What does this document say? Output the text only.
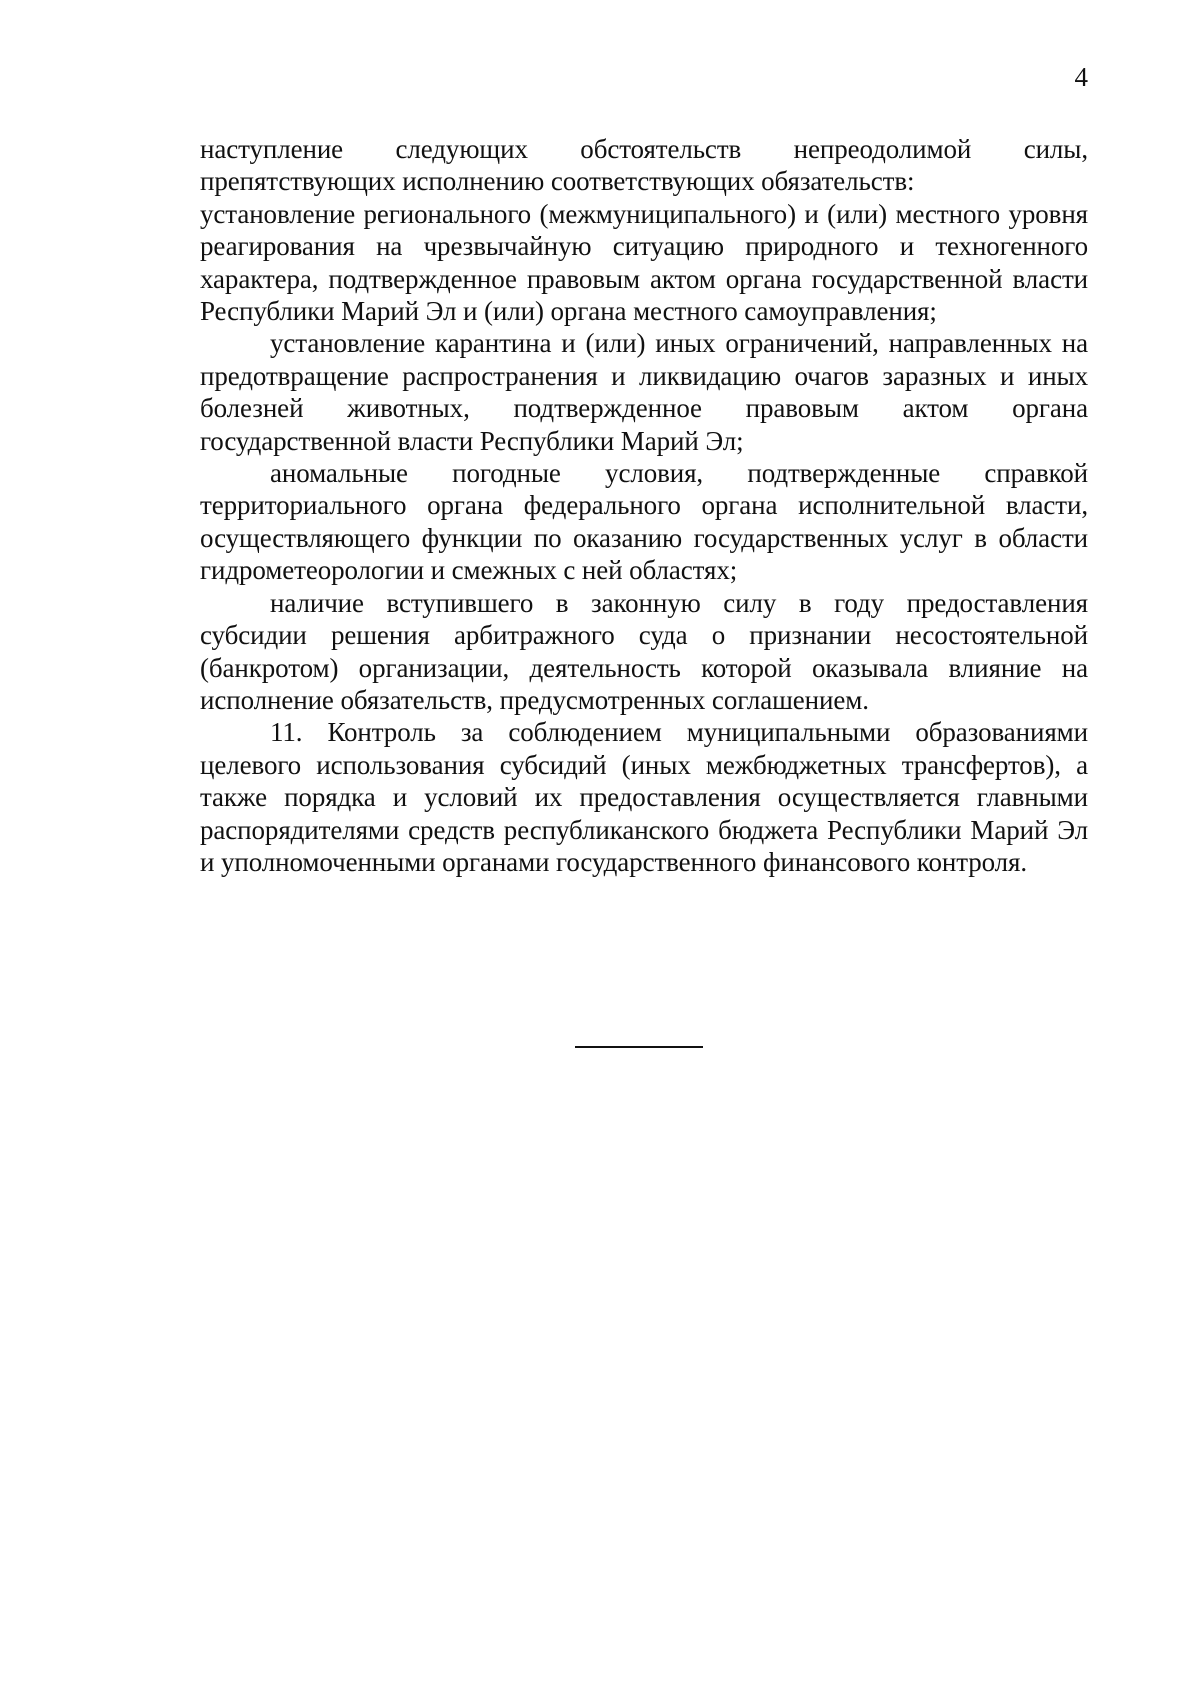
4

наступление следующих обстоятельств непреодолимой силы, препятствующих исполнению соответствующих обязательств:

установление регионального (межмуниципального) и (или) местного уровня реагирования на чрезвычайную ситуацию природного и техногенного характера, подтвержденное правовым актом органа государственной власти Республики Марий Эл и (или) органа местного самоуправления;

установление карантина и (или) иных ограничений, направленных на предотвращение распространения и ликвидацию очагов заразных и иных болезней животных, подтвержденное правовым актом органа государственной власти Республики Марий Эл;

аномальные погодные условия, подтвержденные справкой территориального органа федерального органа исполнительной власти, осуществляющего функции по оказанию государственных услуг в области гидрометеорологии и смежных с ней областях;

наличие вступившего в законную силу в году предоставления субсидии решения арбитражного суда о признании несостоятельной (банкротом) организации, деятельность которой оказывала влияние на исполнение обязательств, предусмотренных соглашением.

11. Контроль за соблюдением муниципальными образованиями целевого использования субсидий (иных межбюджетных трансфертов), а также порядка и условий их предоставления осуществляется главными распорядителями средств республиканского бюджета Республики Марий Эл и уполномоченными органами государственного финансового контроля.
